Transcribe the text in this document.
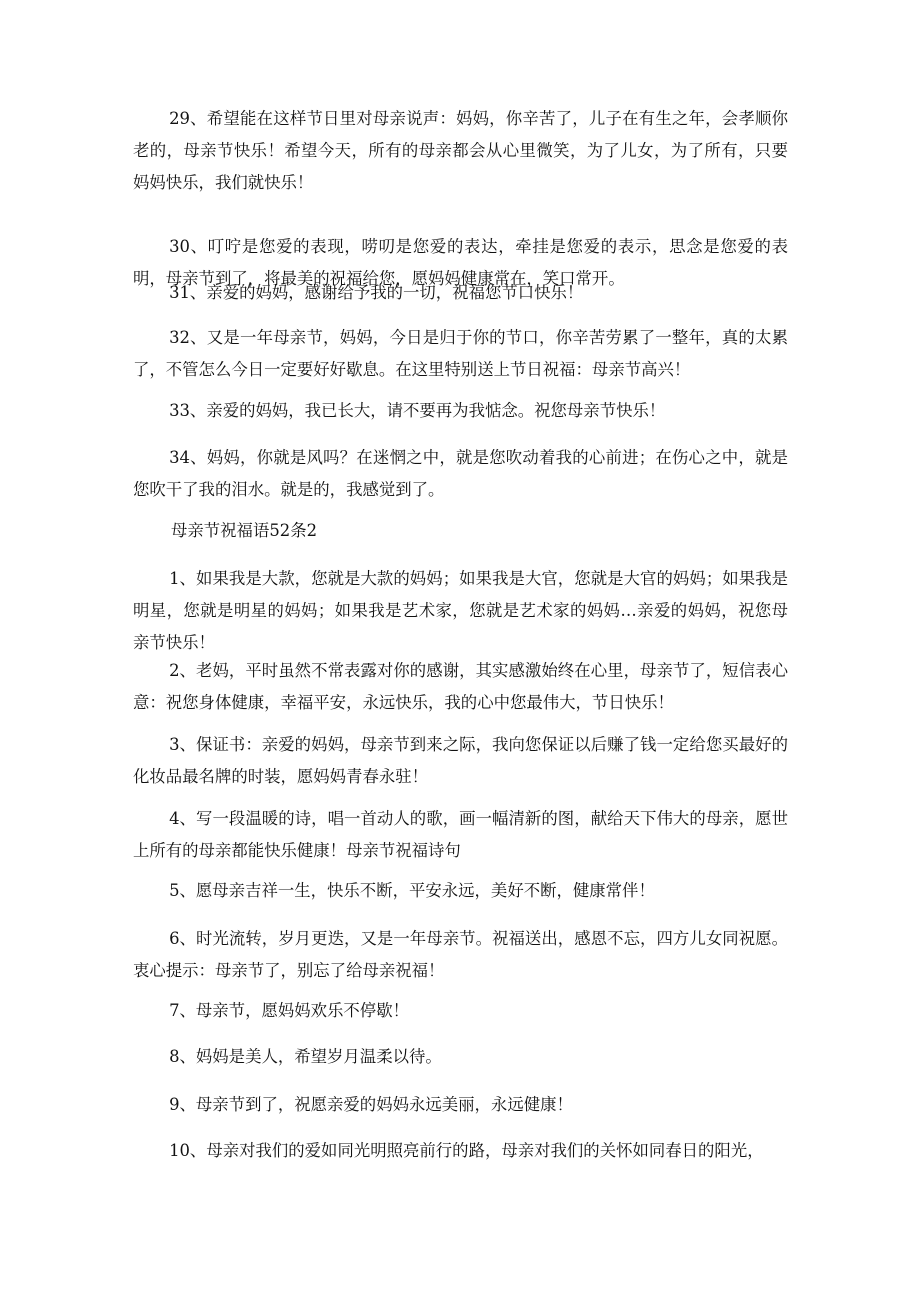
29、希望能在这样节日里对母亲说声：妈妈，你辛苦了，儿子在有生之年，会孝顺你老的，母亲节快乐！希望今天，所有的母亲都会从心里微笑，为了儿女，为了所有，只要妈妈快乐，我们就快乐！

30、叮咛是您爱的表现，唠叨是您爱的表达，牵挂是您爱的表示，思念是您爱的表明，母亲节到了，将最美的祝福给您，愿妈妈健康常在，笑口常开。

31、亲爱的妈妈，感谢给予我的一切，祝福您节口快乐！

32、又是一年母亲节，妈妈，今日是归于你的节口，你辛苦劳累了一整年，真的太累了，不管怎么今日一定要好好歇息。在这里特别送上节日祝福：母亲节高兴！

33、亲爱的妈妈，我已长大，请不要再为我惦念。祝您母亲节快乐！

34、妈妈，你就是风吗？在迷惘之中，就是您吹动着我的心前进；在伤心之中，就是您吹干了我的泪水。就是的，我感觉到了。

母亲节祝福语52条2

1、如果我是大款，您就是大款的妈妈；如果我是大官，您就是大官的妈妈；如果我是明星，您就是明星的妈妈；如果我是艺术家，您就是艺术家的妈妈…亲爱的妈妈，祝您母亲节快乐！

2、老妈，平时虽然不常表露对你的感谢，其实感激始终在心里，母亲节了，短信表心意：祝您身体健康，幸福平安，永远快乐，我的心中您最伟大，节日快乐！

3、保证书：亲爱的妈妈，母亲节到来之际，我向您保证以后赚了钱一定给您买最好的化妆品最名牌的时装，愿妈妈青春永驻！

4、写一段温暖的诗，唱一首动人的歌，画一幅清新的图，献给天下伟大的母亲，愿世上所有的母亲都能快乐健康！母亲节祝福诗句

5、愿母亲吉祥一生，快乐不断，平安永远，美好不断，健康常伴！

6、时光流转，岁月更迭，又是一年母亲节。祝福送出，感恩不忘，四方儿女同祝愿。衷心提示：母亲节了，别忘了给母亲祝福！

7、母亲节，愿妈妈欢乐不停歇！

8、妈妈是美人，希望岁月温柔以待。

9、母亲节到了，祝愿亲爱的妈妈永远美丽，永远健康！

10、母亲对我们的爱如同光明照亮前行的路，母亲对我们的关怀如同春日的阳光，
